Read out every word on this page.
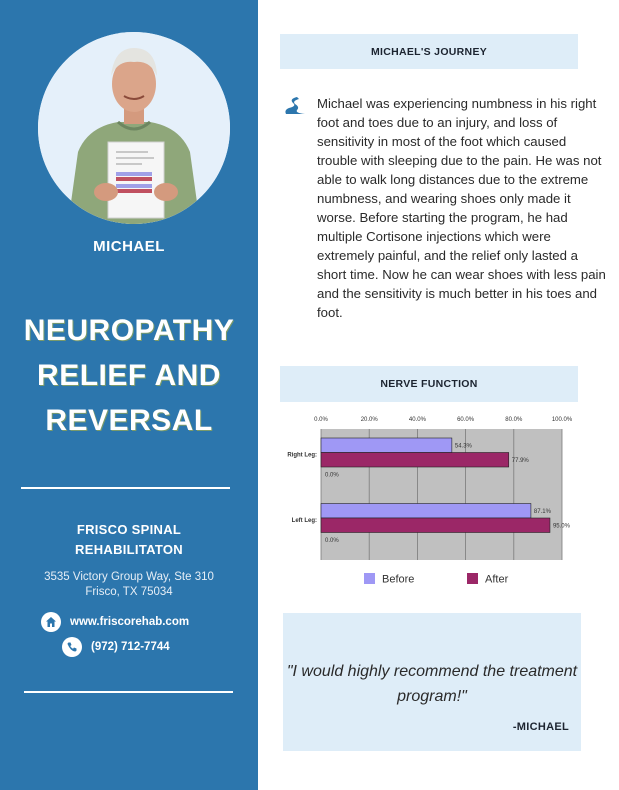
MICHAEL
NEUROPATHY
RELIEF AND
REVERSAL
FRISCO SPINAL
REHABILITATON
3535 Victory Group Way, Ste 310
Frisco, TX 75034
www.friscorehab.com
(972) 712-7744
MICHAEL'S JOURNEY
Michael was experiencing numbness in his right foot and toes due to an injury, and loss of sensitivity in most of the foot which caused trouble with sleeping due to the pain. He was not able to walk long distances due to the extreme numbness, and wearing shoes only made it worse. Before starting the program, he had multiple Cortisone injections which were extremely painful, and the relief only lasted a short time. Now he can wear shoes with less pain and the sensitivity is much better in his toes and foot.
NERVE FUNCTION
0.0%	20.0%	40.0%	60.0%	80.0%	100.0%
Right Leg:
54.3%
77.9%
0.0%
Left Leg:
87.1%
95.0%
0.0%
Before	After
"I would highly recommend the treatment program!"
-MICHAEL
